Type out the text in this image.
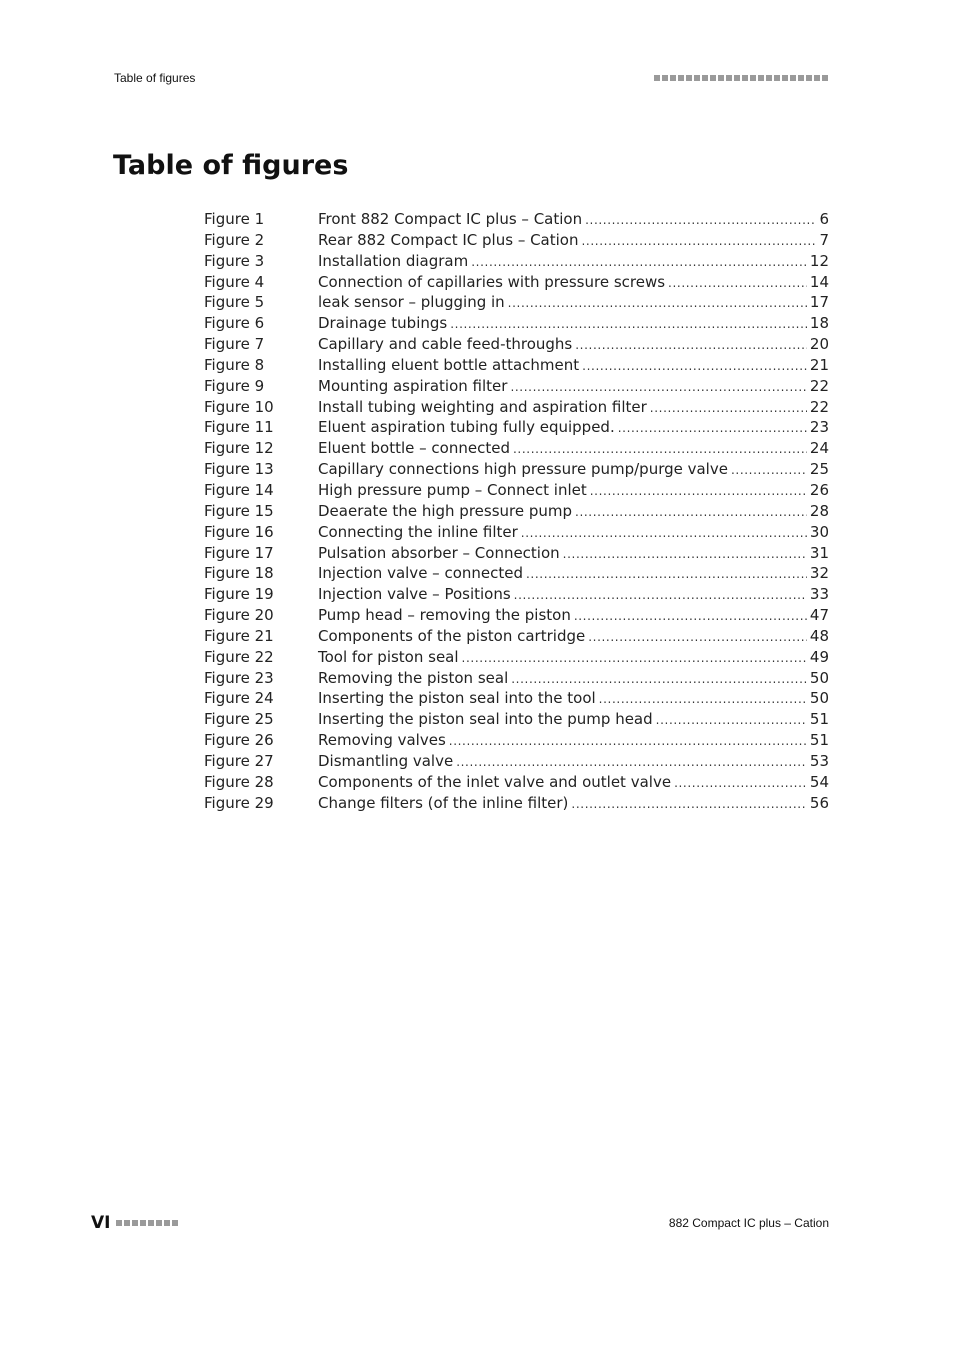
Table of figures
Table of figures
Figure 1	Front 882 Compact IC plus – Cation . . .	6
Figure 2	Rear 882 Compact IC plus – Cation . . .	7
Figure 3	Installation diagram . . .	12
Figure 4	Connection of capillaries with pressure screws . . .	14
Figure 5	leak sensor – plugging in . . .	17
Figure 6	Drainage tubings . . .	18
Figure 7	Capillary and cable feed-throughs . . .	20
Figure 8	Installing eluent bottle attachment . . .	21
Figure 9	Mounting aspiration filter . . .	22
Figure 10	Install tubing weighting and aspiration filter . . .	22
Figure 11	Eluent aspiration tubing fully equipped. . . .	23
Figure 12	Eluent bottle – connected . . .	24
Figure 13	Capillary connections high pressure pump/purge valve . . .	25
Figure 14	High pressure pump – Connect inlet . . .	26
Figure 15	Deaerate the high pressure pump . . .	28
Figure 16	Connecting the inline filter . . .	30
Figure 17	Pulsation absorber – Connection . . .	31
Figure 18	Injection valve – connected . . .	32
Figure 19	Injection valve – Positions . . .	33
Figure 20	Pump head – removing the piston . . .	47
Figure 21	Components of the piston cartridge . . .	48
Figure 22	Tool for piston seal . . .	49
Figure 23	Removing the piston seal . . .	50
Figure 24	Inserting the piston seal into the tool . . .	50
Figure 25	Inserting the piston seal into the pump head . . .	51
Figure 26	Removing valves . . .	51
Figure 27	Dismantling valve . . .	53
Figure 28	Components of the inlet valve and outlet valve . . .	54
Figure 29	Change filters (of the inline filter) . . .	56
VI	882 Compact IC plus – Cation
